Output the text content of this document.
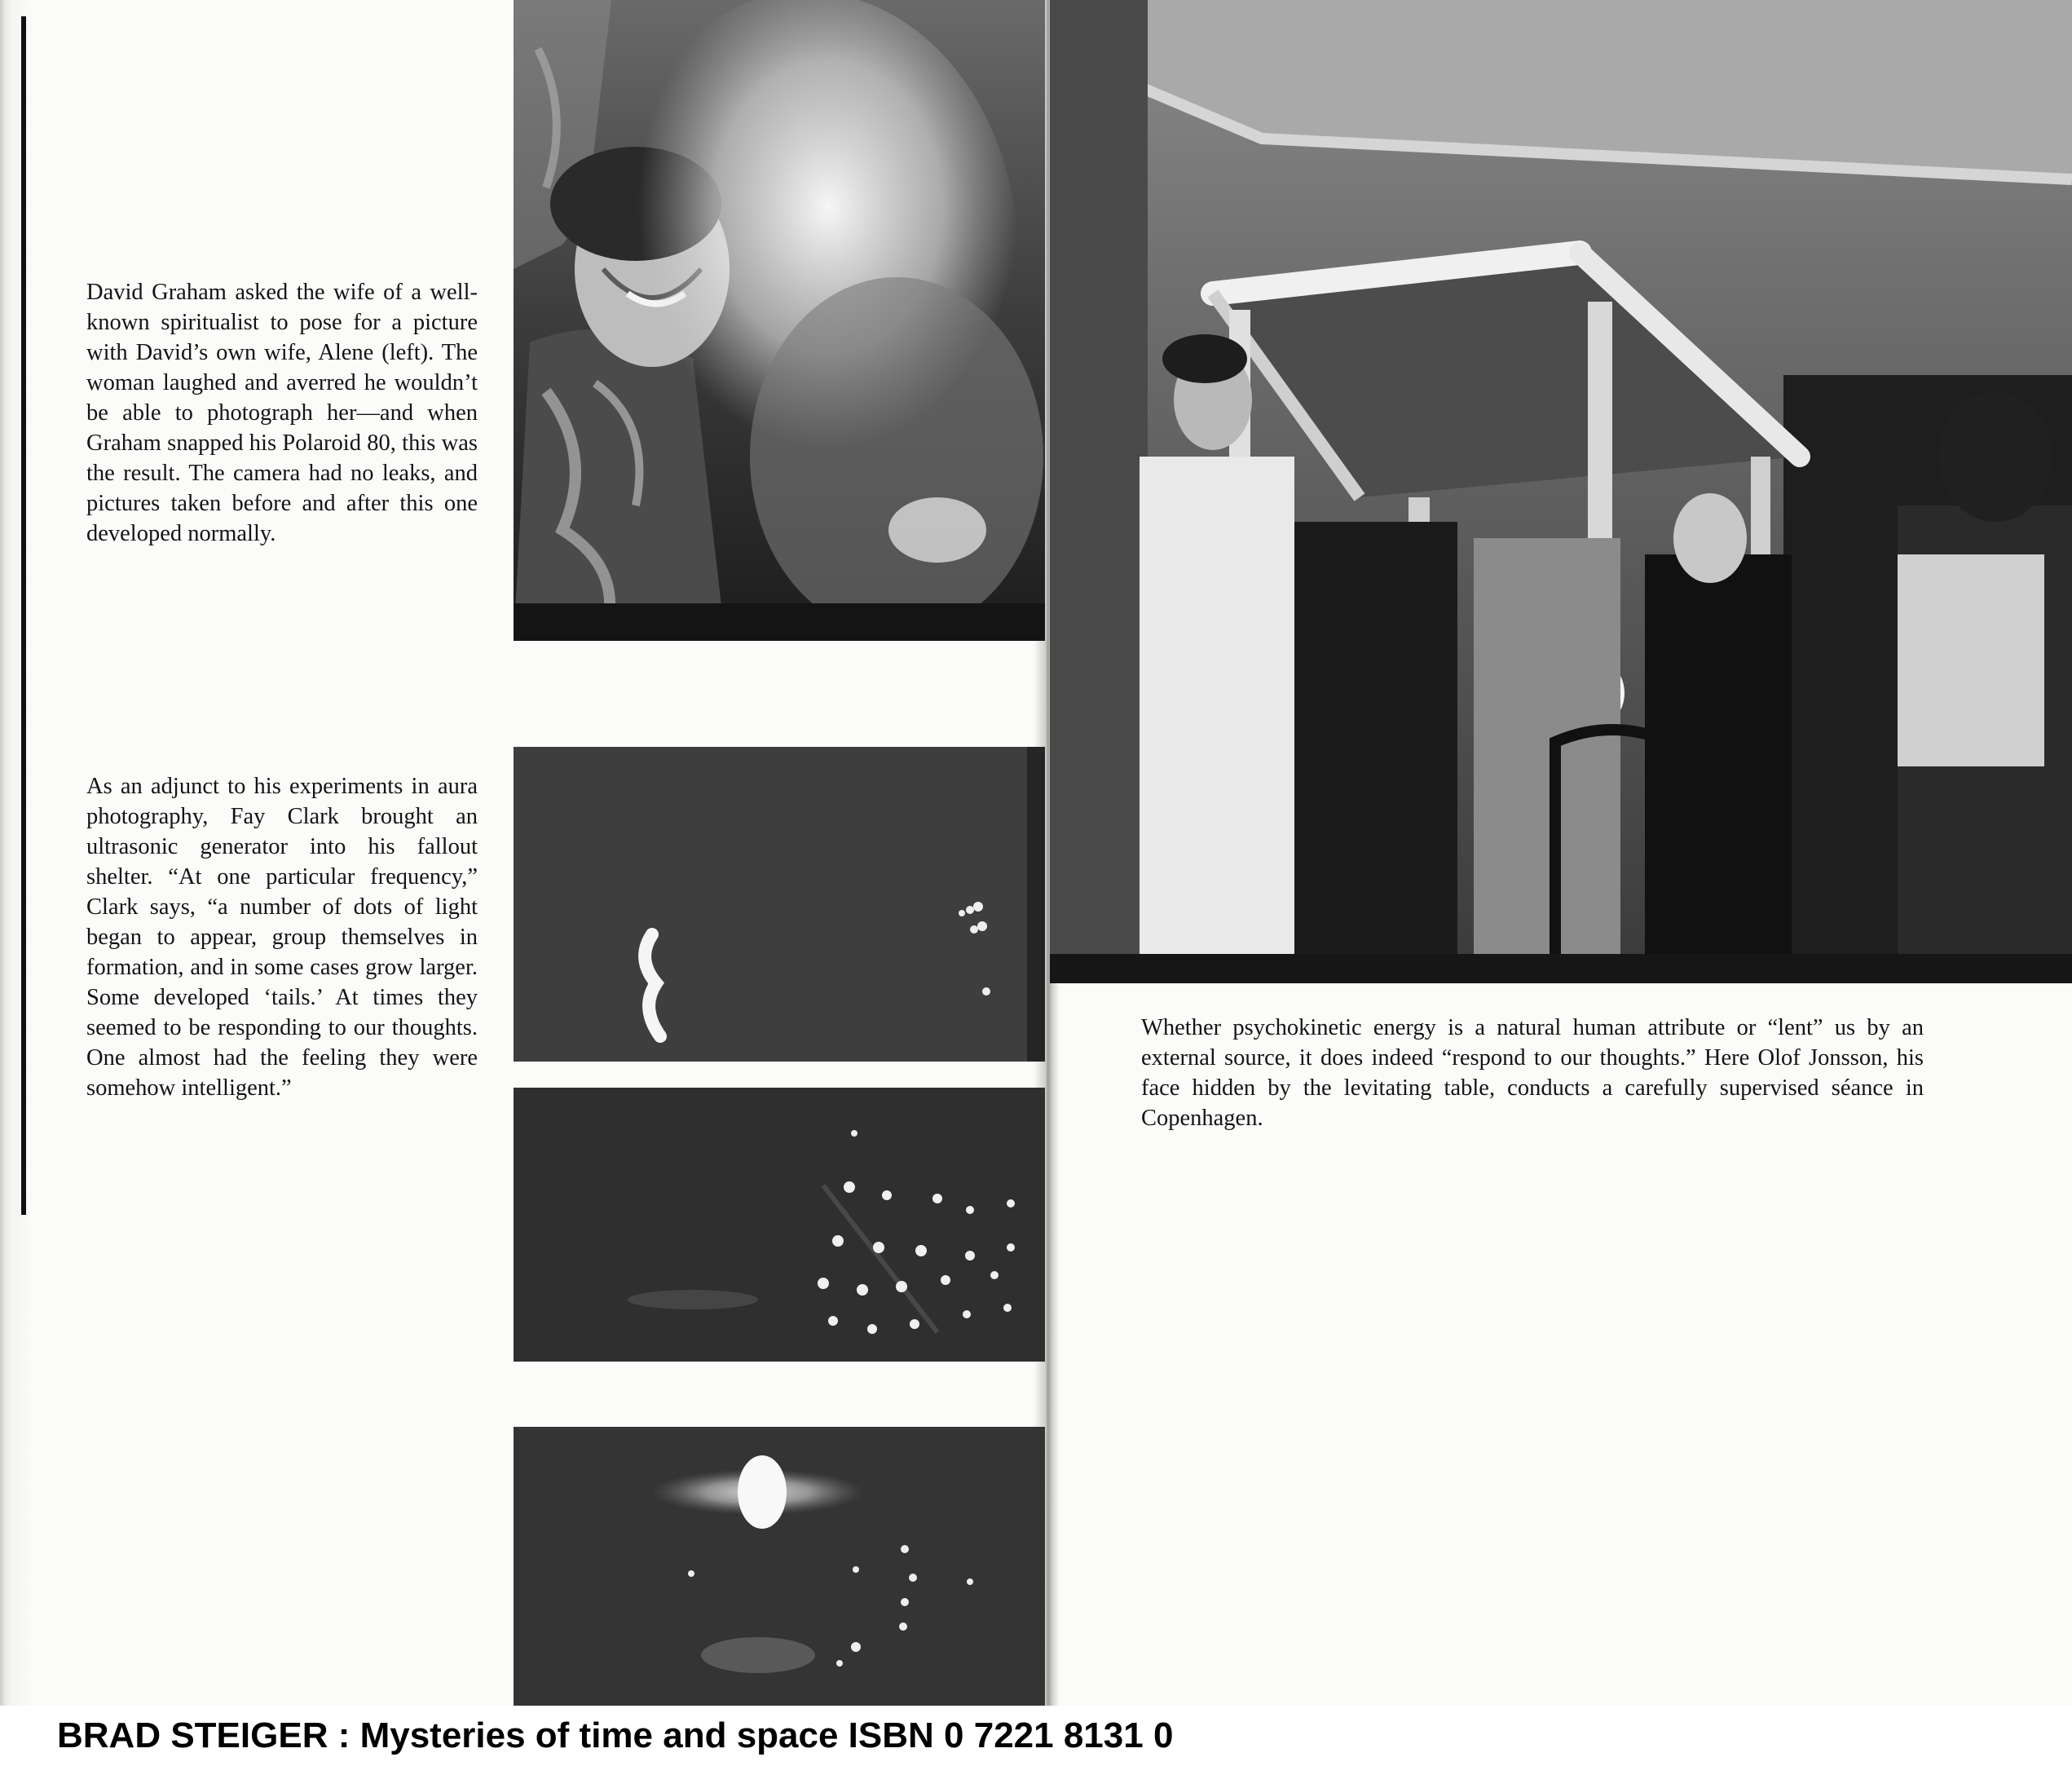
David Graham asked the wife of a well-known spiritualist to pose for a picture with David’s own wife, Alene (left). The woman laughed and averred he wouldn’t be able to photograph her—and when Graham snapped his Polaroid 80, this was the result. The camera had no leaks, and pictures taken before and after this one developed normally.

As an adjunct to his experiments in aura photography, Fay Clark brought an ultrasonic generator into his fallout shelter. “At one particular frequency,” Clark says, “a number of dots of light began to appear, group themselves in formation, and in some cases grow larger. Some developed ‘tails.’ At times they seemed to be responding to our thoughts. One almost had the feeling they were somehow intelligent.”

Whether psychokinetic energy is a natural human attribute or “lent” us by an external source, it does indeed “respond to our thoughts.” Here Olof Jonsson, his face hidden by the levitating table, conducts a carefully supervised séance in Copenhagen.

BRAD STEIGER : Mysteries of time and space ISBN 0 7221 8131 0
